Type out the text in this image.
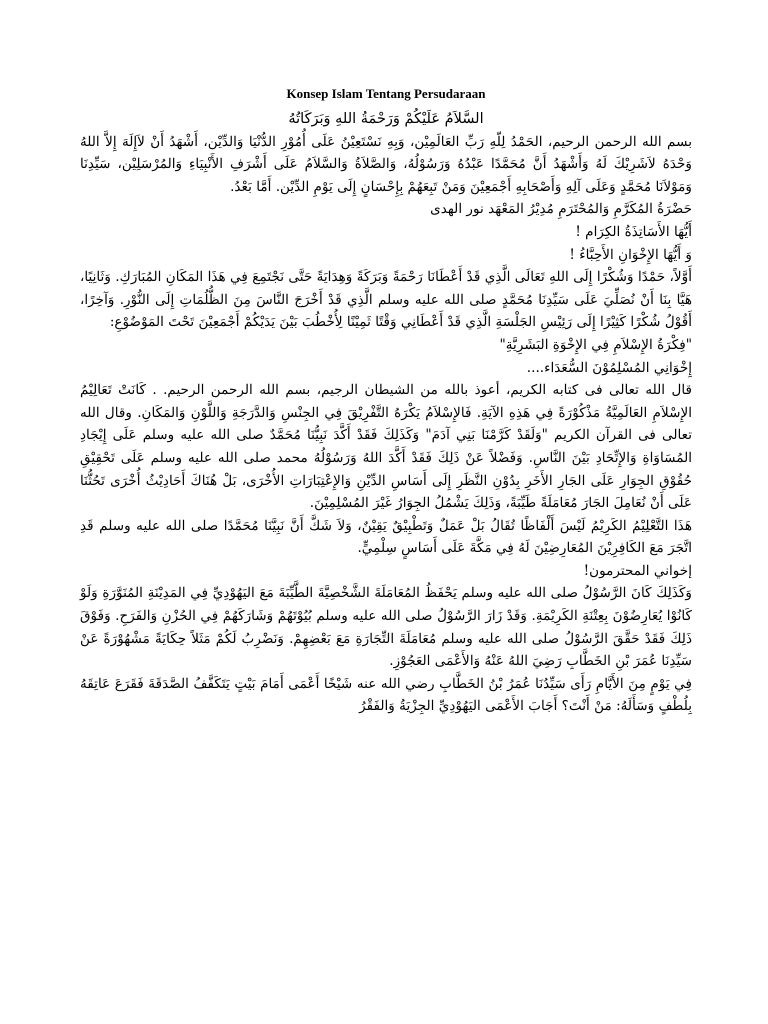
Konsep Islam Tentang Persudaraan

السَّلاَمُ عَلَيْكُمْ وَرَحْمَةُ اللهِ وَبَرَكَاتُهُ

بسم الله الرحمن الرحيم، الحَمْدُ لِلّهِ رَبِّ العَالَمِيْن، وَبِهِ نَسْتَعِيْنُ عَلَى أُمُوْرِ الدُّنْيَا وَالدِّيْن، أَشْهَدُ أَنْ لاَإِلَهَ إِلاَّ اللهُ وَحْدَهُ لاَشَرِيْكَ لَهُ وَأَشْهَدُ أَنَّ مُحَمَّدًا عَبْدُهُ وَرَسُوْلُهُ، وَالصَّلاَةُ وَالسَّلاَمُ عَلَى أَشْرَفِ الأَنْبِيَاءِ وَالمُرْسَلِيْن، سَيِّدِنَا وَمَوْلاَنَا مُحَمَّدٍ وَعَلَى آلِهِ وَأَصْحَابِهِ أَجْمَعِيْنَ وَمَنْ تَبِعَهُمْ بِإِحْسَانٍ إِلَى يَوْمِ الدِّيْن. أَمَّا بَعْدُ.

حَضْرَةُ المُكَرَّمِ وَالمُحْتَرَمِ مُدِيْرُ المَعْهَد نور الهدى

أَيُّهَا الأَسَاتِذَةُ الكِرَام !

وَ أَيُّهَا الإِخْوَانِ الأَحِبَّاءُ !

أَوَّلاً، حَمْدًا وَشُكْرًا إِلَى اللهِ تَعَالَى الَّذِي قَدْ أَعْطَانَا رَحْمَةً وَبَرَكَةً وَهِدَايَةً حَتَّى نَجْتَمِعَ فِي هَذَا المَكَانِ المُبَارَكِ. وَثَانِيًا، هَيَّا بِنَا أَنْ نُصَلِّيَ عَلَى سَيِّدِنَا مُحَمَّدٍ صلى الله عليه وسلم الَّذِي قَدْ أَخْرَجَ النَّاسَ مِنَ الظُّلُمَاتِ إِلَى النُّوْرِ. وَآخِرًا، أَقُوْلُ شُكْرًا كَثِيْرًا إِلَى رَئِيْسِ الجَلْسَةِ الَّذِي قَدْ أَعْطَانِي وَقْتًا ثَمِيْنًا لِأُخْطُبَ بَيْنَ يَدَيْكُمْ أَجْمَعِيْنَ تَحْتَ المَوْضُوْعِ:

"فِكْرَةُ الإِسْلاَمِ فِي الإِخْوَةِ البَشَرِيَّةِ"

إِخْوَانِي المُسْلِمُوْنَ السُّعَدَاء....

قال الله تعالى فى كتابه الكريم، أعوذ بالله من الشيطان الرجيم، بسم الله الرحمن الرحيم. . كَانَتْ تَعَالِيْمُ الإِسْلاَمِ العَالَمِيَّةُ مَذْكُوْرَةً فِي هَذِهِ الآيَةِ. فَالإِسْلاَمُ يَكْرَهُ التَّفْرِيْقَ فِي الجِنْسِ وَالدَّرَجَةِ وَاللَّوْنِ وَالمَكَانِ. وقال الله تعالى فى القرآن الكريم "وَلَقَدْ كَرَّمْنَا بَنِي آدَمَ" وَكَذَلِكَ فَقَدْ أَكَّدَ نَبِيُّنَا مُحَمَّدٌ صلى الله عليه وسلم عَلَى إِيْجَادِ المُسَاوَاةِ وَالإِتِّحَادِ بَيْنَ النَّاسِ. وَفَضْلاً عَنْ ذَلِكَ فَقَدْ أَكَّدَ اللهُ وَرَسُوْلُهُ محمد صلى الله عليه وسلم عَلَى تَحْقِيْقِ حُقُوْقِ الجِوَارِ عَلَى الجَارِ الأَخَرِ بِدُوْنِ النَّظَرِ إِلَى أَسَاسِ الدِّيْنِ وَالإِعْتِبَارَاتِ الأُخْرَى، بَلْ هُنَاكَ أَحَادِيْثُ أُخْرَى تَحُثُّنَا عَلَى أَنْ نُعَامِلَ الجَارَ مُعَامَلَةً طَيِّبَةً، وَذَلِكَ يَشْمُلُ الجِوَارُ غَيْرَ المُسْلِمِيْنَ.

هَذَا التَّعْلِيْمُ الكَرِيْمُ لَيْسَ أَلْفَاظًا تُقَالُ بَلْ عَمَلٌ وَتَطْبِيْقٌ يَقِيْنٌ، وَلاَ شَكَّ أَنَّ نَبِيَّنَا مُحَمَّدًا صلى الله عليه وسلم قَدِ اتَّجَرَ مَعَ الكَافِرِيْنَ المُعَارِضِيْنَ لَهُ فِي مَكَّةَ عَلَى أَسَاسٍ سِلْمِيٍّ.

إخواني المحترمون!

وَكَذَلِكَ كَانَ الرَّسُوْلُ صلى الله عليه وسلم يَحْفَظُ المُعَامَلَةَ الشَّخْصِيَّةَ الطَّيِّبَةَ مَعَ اليَهُوْدِيِّ فِي المَدِيْنَةِ المُنَوَّرَةِ وَلَوْ كَانُوْا يُعَارِضُوْنَ بِعِتْنَةِ الكَرِيْمَةِ. وَقَدْ زَارَ الرَّسُوْلُ صلى الله عليه وسلم بُيُوْتَهُمْ وَشَارَكَهُمْ فِي الحُزْنِ وَالفَرَحِ. وَفَوْقَ ذَلِكَ فَقَدْ حَقَّقَ الرَّسُوْلُ صلى الله عليه وسلم مُعَامَلَةَ التِّجَارَةِ مَعَ بَعْضِهِمْ. وَنَضْرِبُ لَكُمْ مَثَلاً حِكَايَةً مَشْهُوْرَةً عَنْ سَيِّدِنَا عُمَرَ بْنِ الخَطَّابِ رَضِيَ اللهُ عَنْهُ وَالأَعْمَى العَجُوْزِ.

فِي يَوْمٍ مِنَ الأَيَّامِ رَأَى سَيِّدُنَا عُمَرُ بْنُ الخَطَّابِ رضي الله عنه شَيْخًا أَعْمَى أَمَامَ بَيْتٍ يَتَكَفَّفُ الصَّدَقَةَ فَقَرَعَ عَاتِقَهُ بِلُطْفٍ وَسَأَلَهُ: مَنْ أَنْتَ؟ أَجَابَ الأَعْمَى اليَهُوْدِيِّ الجِزْيَةُ وَالفَقْرُ
